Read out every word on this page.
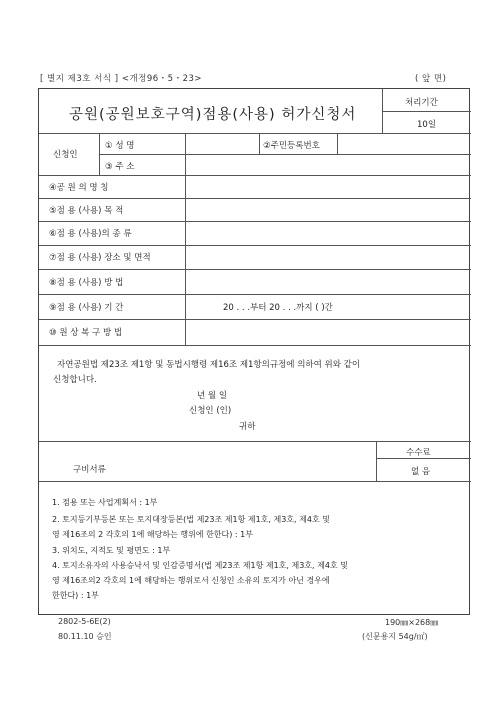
[ 별지 제3호 서식 ] <개정96・5・23>	( 앞 면)
공원(공원보호구역)점용(사용) 허가신청서
처리기간
10일
신청인
① 성 명	②주민등록번호
③ 주 소
④공 원 의 명 칭
⑤점 용 (사용) 목 적
⑥점 용 (사용)의 종 류
⑦점 용 (사용) 장소 및 면적
⑧점 용 (사용) 방 법
⑨점 용 (사용) 기 간	20 . . .부터 20 . . .까지 ( )간
⑩ 원 상 복 구 방 법
자연공원법 제23조 제1항 및 동법시행령 제16조 제1항의규정에 의하여 위와 같이
신청합니다.
년 월 일
신청인 (인)
귀하
구비서류
수수료
없 음
1. 점용 또는 사업계획서 : 1부
2. 토지등기부등본 또는 토지대장등본(법 제23조 제1항 제1호, 제3호, 제4호 및
영 제16조의 2 각호의 1에 해당하는 행위에 한한다) : 1부
3. 위치도, 지적도 및 평면도 : 1부
4. 토지소유자의 사용승낙서 및 인감증명서(법 제23조 제1항 제1호, 제3호, 제4호 및
영 제16조의2 각호의 1에 해당하는 행위로서 신청인 소유의 토지가 아닌 경우에
한한다) : 1부
2802-5-6E(2)	190㎜×268㎜
80.11.10 승인	(신문용지 54g/㎡)
